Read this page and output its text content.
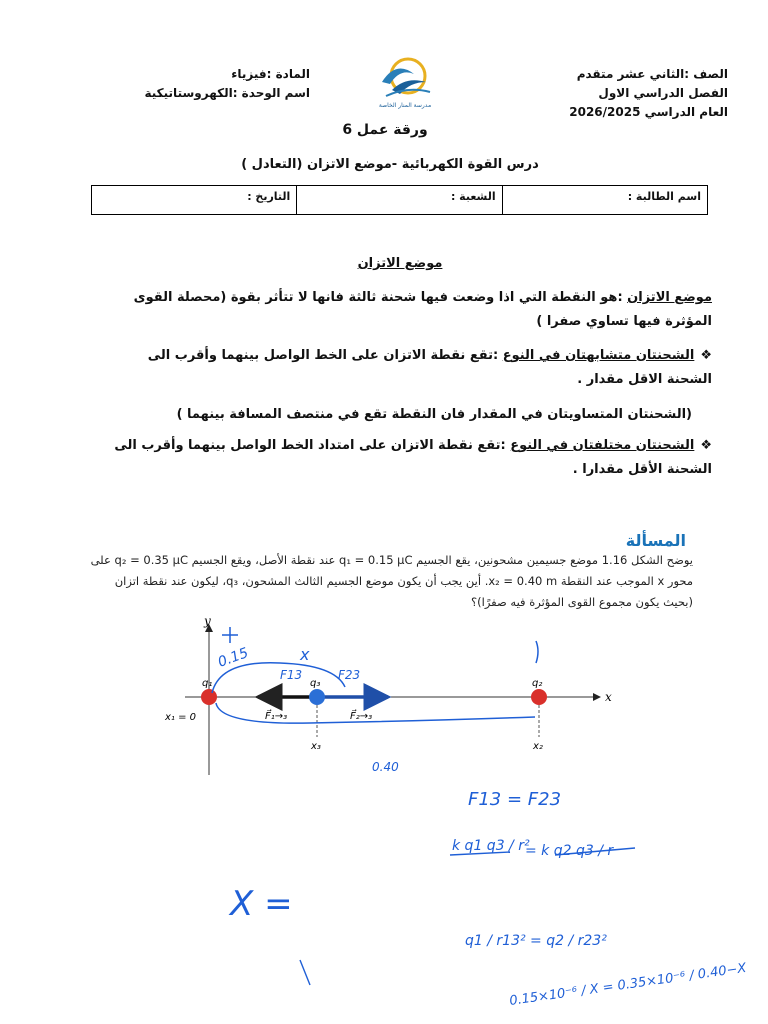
الصف :الثاني عشر متقدم
الفصل الدراسي الاول
العام الدراسي 2026/2025
المادة :فيزياء
اسم الوحدة :الكهروستاتيكية
مدرسة المنار الخاصة
ورقة عمل 6
درس القوة الكهربائية -موضع الاتزان (التعادل )
التاريخ :	الشعبة :	اسم الطالبة :
موضع الاتزان
موضع الاتزان :هو النقطة التي اذا وضعت فيها شحنة ثالثة فانها لا تتأثر بقوة (محصلة القوى المؤثرة فيها تساوي صفرا )
❖الشحنتان متشابهتان في النوع :تقع نقطة الاتزان على الخط الواصل بينهما وأقرب الى الشحنة الاقل مقدار .
(الشحنتان المتساويتان في المقدار فان النقطة تقع في منتصف المسافة بينهما )
❖الشحنتان مختلفتان في النوع :تقع نقطة الاتزان على امتداد الخط الواصل بينهما وأقرب الى الشحنة الأقل مقدارا .
المسألة
يوضح الشكل 1.16 موضع جسيمين مشحونين، يقع الجسيم q₁ = 0.15 μC عند نقطة الأصل، ويقع الجسيم q₂ = 0.35 μC على محور x الموجب عند النقطة x₂ = 0.40 m. أين يجب أن يكون موضع الجسيم الثالث المشحون، q₃، ليكون عند نقطة اتزان (بحيث يكون مجموع القوى المؤثرة فيه صفرًا)؟
x
y
q₁	q₃	q₂
x₁ = 0
x₃	x₂
F⃗₁→₃	F⃗₂→₃
0.15	x
F13	F23
0.40
F13 = F23
k q1 q3 / r²
= k q2 q3 / r
q1 / r13² = q2 / r23²
0.15×10⁻⁶ / X = 0.35×10⁻⁶ / 0.40−X
X =
